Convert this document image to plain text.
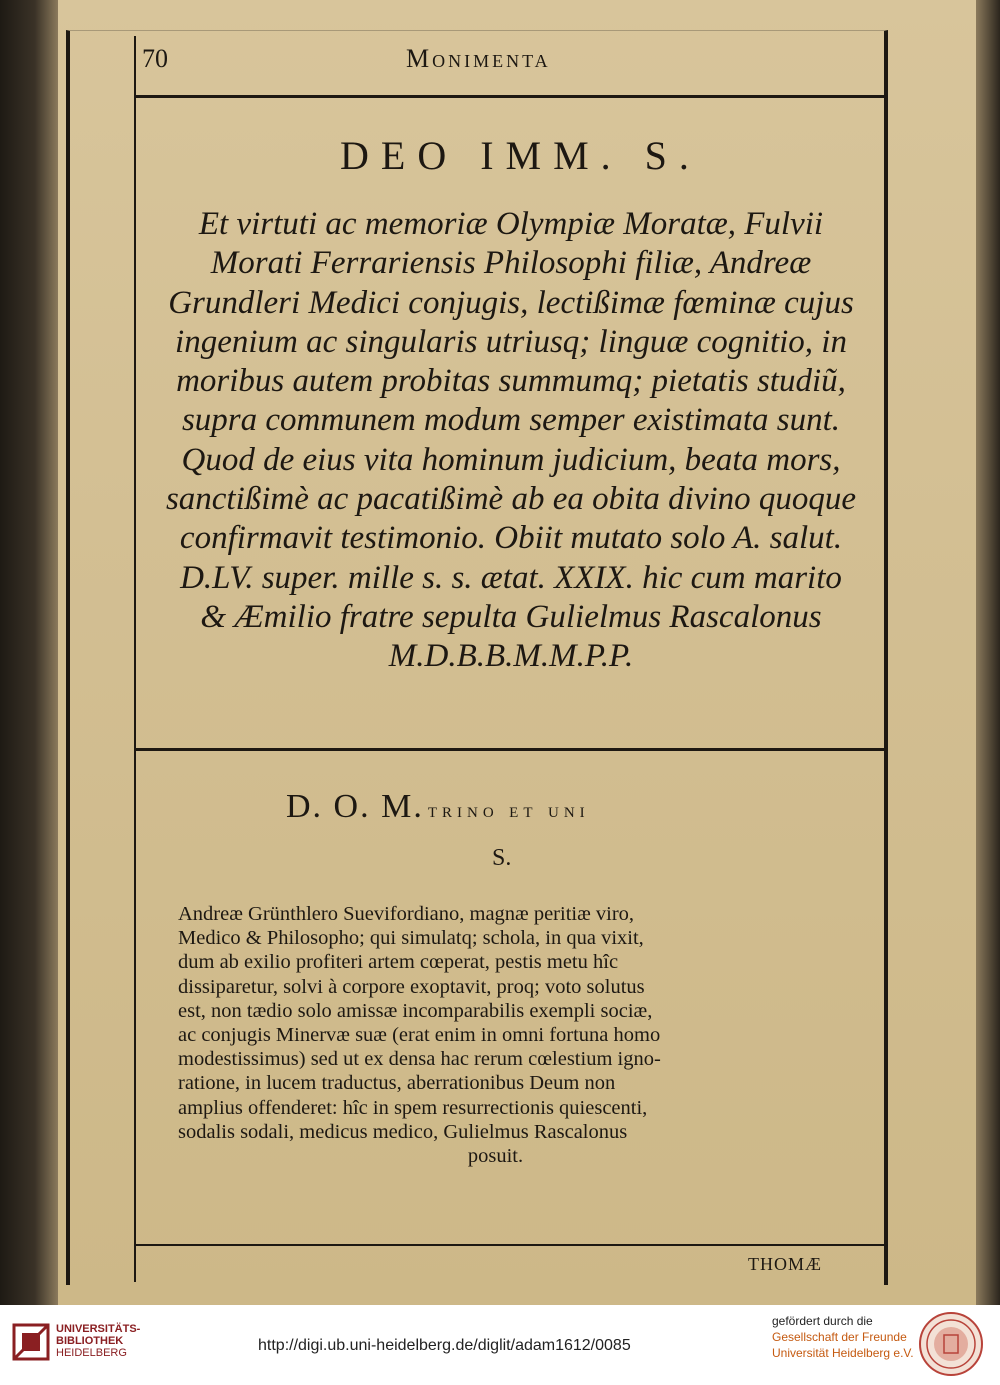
70	Monimenta
DEO IMM. S.
Et virtuti ac memoriæ Olympiæ Moratæ, Fulvii
Morati Ferrariensis Philosophi filiæ, Andreæ
Grundleri Medici conjugis, lectißimæ fœminæ cujus
ingenium ac singularis utriusq; linguæ cognitio, in
moribus autem probitas summumq; pietatis studiũ,
supra communem modum semper existimata sunt.
Quod de eius vita hominum judicium, beata mors,
sanctißimè ac pacatißimè ab ea obita divino quoque
confirmavit testimonio. Obiit mutato solo A. salut.
D.LV. super. mille s. s. ætat. XXIX. hic cum marito
& Æmilio fratre sepulta Gulielmus Rascalonus
M.D.B.B.M.M.P.P.
D. O. M. trino et uni
S.
Andreæ Grünthlero Suevifordiano, magnæ peritiæ viro,
Medico & Philosopho; qui simulatq; schola, in qua vixit,
dum ab exilio profiteri artem cœperat, pestis metu hîc
dissiparetur, solvi à corpore exoptavit, proq; voto solutus
est, non tædio solo amissæ incomparabilis exempli sociæ,
ac conjugis Minervæ suæ (erat enim in omni fortuna homo
modestissimus) sed ut ex densa hac rerum cœlestium igno-
ratione, in lucem traductus, aberrationibus Deum non
amplius offenderet: hîc in spem resurrectionis quiescenti,
sodalis sodali, medicus medico, Gulielmus Rascalonus
posuit.
THOMÆ
UNIVERSITÄTS-
BIBLIOTHEK
HEIDELBERG	http://digi.ub.uni-heidelberg.de/diglit/adam1612/0085
gefördert durch die
Gesellschaft der Freunde
Universität Heidelberg e.V.
